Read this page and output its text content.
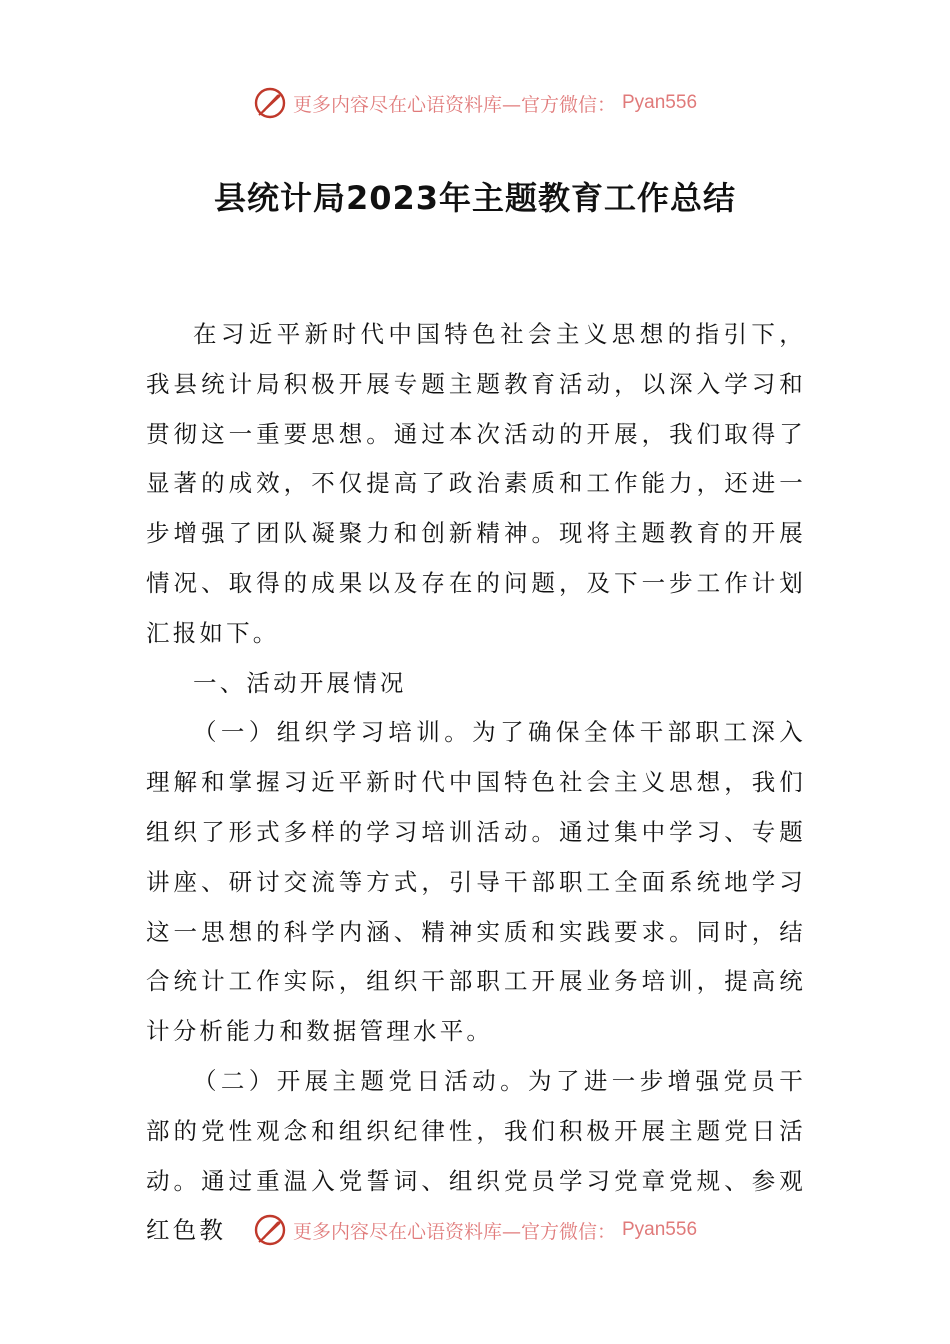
更多内容尽在心语资料库—官方微信： Pyan556
县统计局2023年主题教育工作总结

在习近平新时代中国特色社会主义思想的指引下，我县统计局积极开展专题主题教育活动，以深入学习和贯彻这一重要思想。通过本次活动的开展，我们取得了显著的成效，不仅提高了政治素质和工作能力，还进一步增强了团队凝聚力和创新精神。现将主题教育的开展情况、取得的成果以及存在的问题，及下一步工作计划汇报如下。

一、活动开展情况

（一）组织学习培训。为了确保全体干部职工深入理解和掌握习近平新时代中国特色社会主义思想，我们组织了形式多样的学习培训活动。通过集中学习、专题讲座、研讨交流等方式，引导干部职工全面系统地学习这一思想的科学内涵、精神实质和实践要求。同时，结合统计工作实际，组织干部职工开展业务培训，提高统计分析能力和数据管理水平。

（二）开展主题党日活动。为了进一步增强党员干部的党性观念和组织纪律性，我们积极开展主题党日活动。通过重温入党誓词、组织党员学习党章党规、参观红色教	更多内容尽在心语资料库—官方微信： Pyan556
